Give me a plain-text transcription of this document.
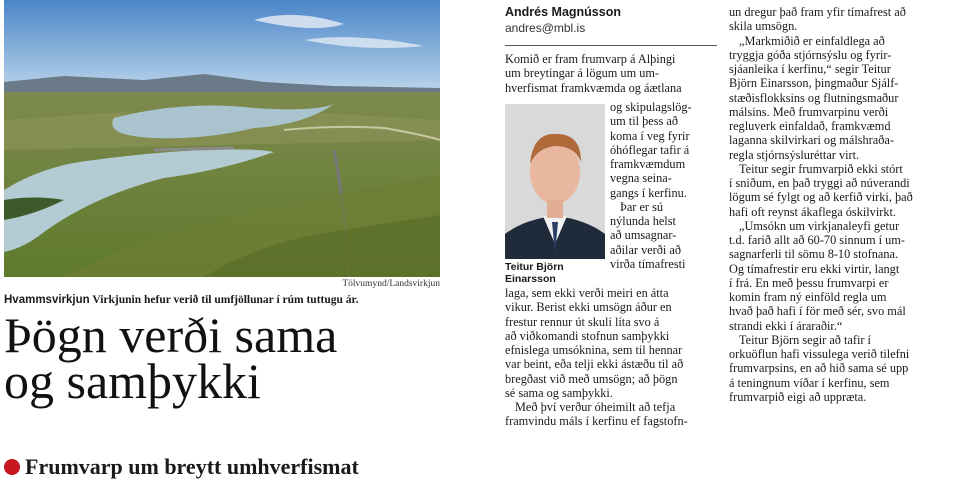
Tölvumynd/Landsvirkjun
Hvammsvirkjun Virkjunin hefur verið til umfjöllunar í rúm tuttugu ár.
Þögn verði sama
og samþykki
Frumvarp um breytt umhverfismat
Andrés Magnússon
andres@mbl.is
Komið er fram frumvarp á Alþingi
um breytingar á lögum um um-
hverfismat framkvæmda og áætlana
Teitur Björn
Einarsson
og skipulagslög-
um til þess að
koma í veg fyrir
óhóflegar tafir á
framkvæmdum
vegna seina-
gangs í kerfinu.
Þar er sú
nýlunda helst
að umsagnar-
aðilar verði að
virða tímafresti
laga, sem ekki verði meiri en átta
vikur. Berist ekki umsögn áður en
frestur rennur út skuli líta svo á
að viðkomandi stofnun samþykki
efnislega umsóknina, sem til hennar
var beint, eða telji ekki ástæðu til að
bregðast við með umsögn; að þögn
sé sama og samþykki.
Með því verður óheimilt að tefja
framvindu máls í kerfinu ef fagstofn-
un dregur það fram yfir tímafrest að
skila umsögn.
„Markmiðið er einfaldlega að
tryggja góða stjórnsýslu og fyrir-
sjáanleika í kerfinu,“ segir Teitur
Björn Einarsson, þingmaður Sjálf-
stæðisflokksins og flutningsmaður
málsins. Með frumvarpinu verði
regluverk einfaldað, framkvæmd
laganna skilvirkari og málshraða-
regla stjórnsýsluréttar virt.
Teitur segir frumvarpið ekki stórt
í sniðum, en það tryggi að núverandi
lögum sé fylgt og að kerfið virki, það
hafi oft reynst ákaflega óskilvirkt.
„Umsókn um virkjanaleyfi getur
t.d. farið allt að 60-70 sinnum í um-
sagnarferli til sömu 8-10 stofnana.
Og tímafrestir eru ekki virtir, langt
í frá. En með þessu frumvarpi er
komin fram ný einföld regla um
hvað það hafi í för með sér, svo mál
strandi ekki í áraraðir.“
Teitur Björn segir að tafir í
orkuöflun hafi vissulega verið tilefni
frumvarpsins, en að hið sama sé upp
á teningnum víðar í kerfinu, sem
frumvarpið eigi að uppræta.
